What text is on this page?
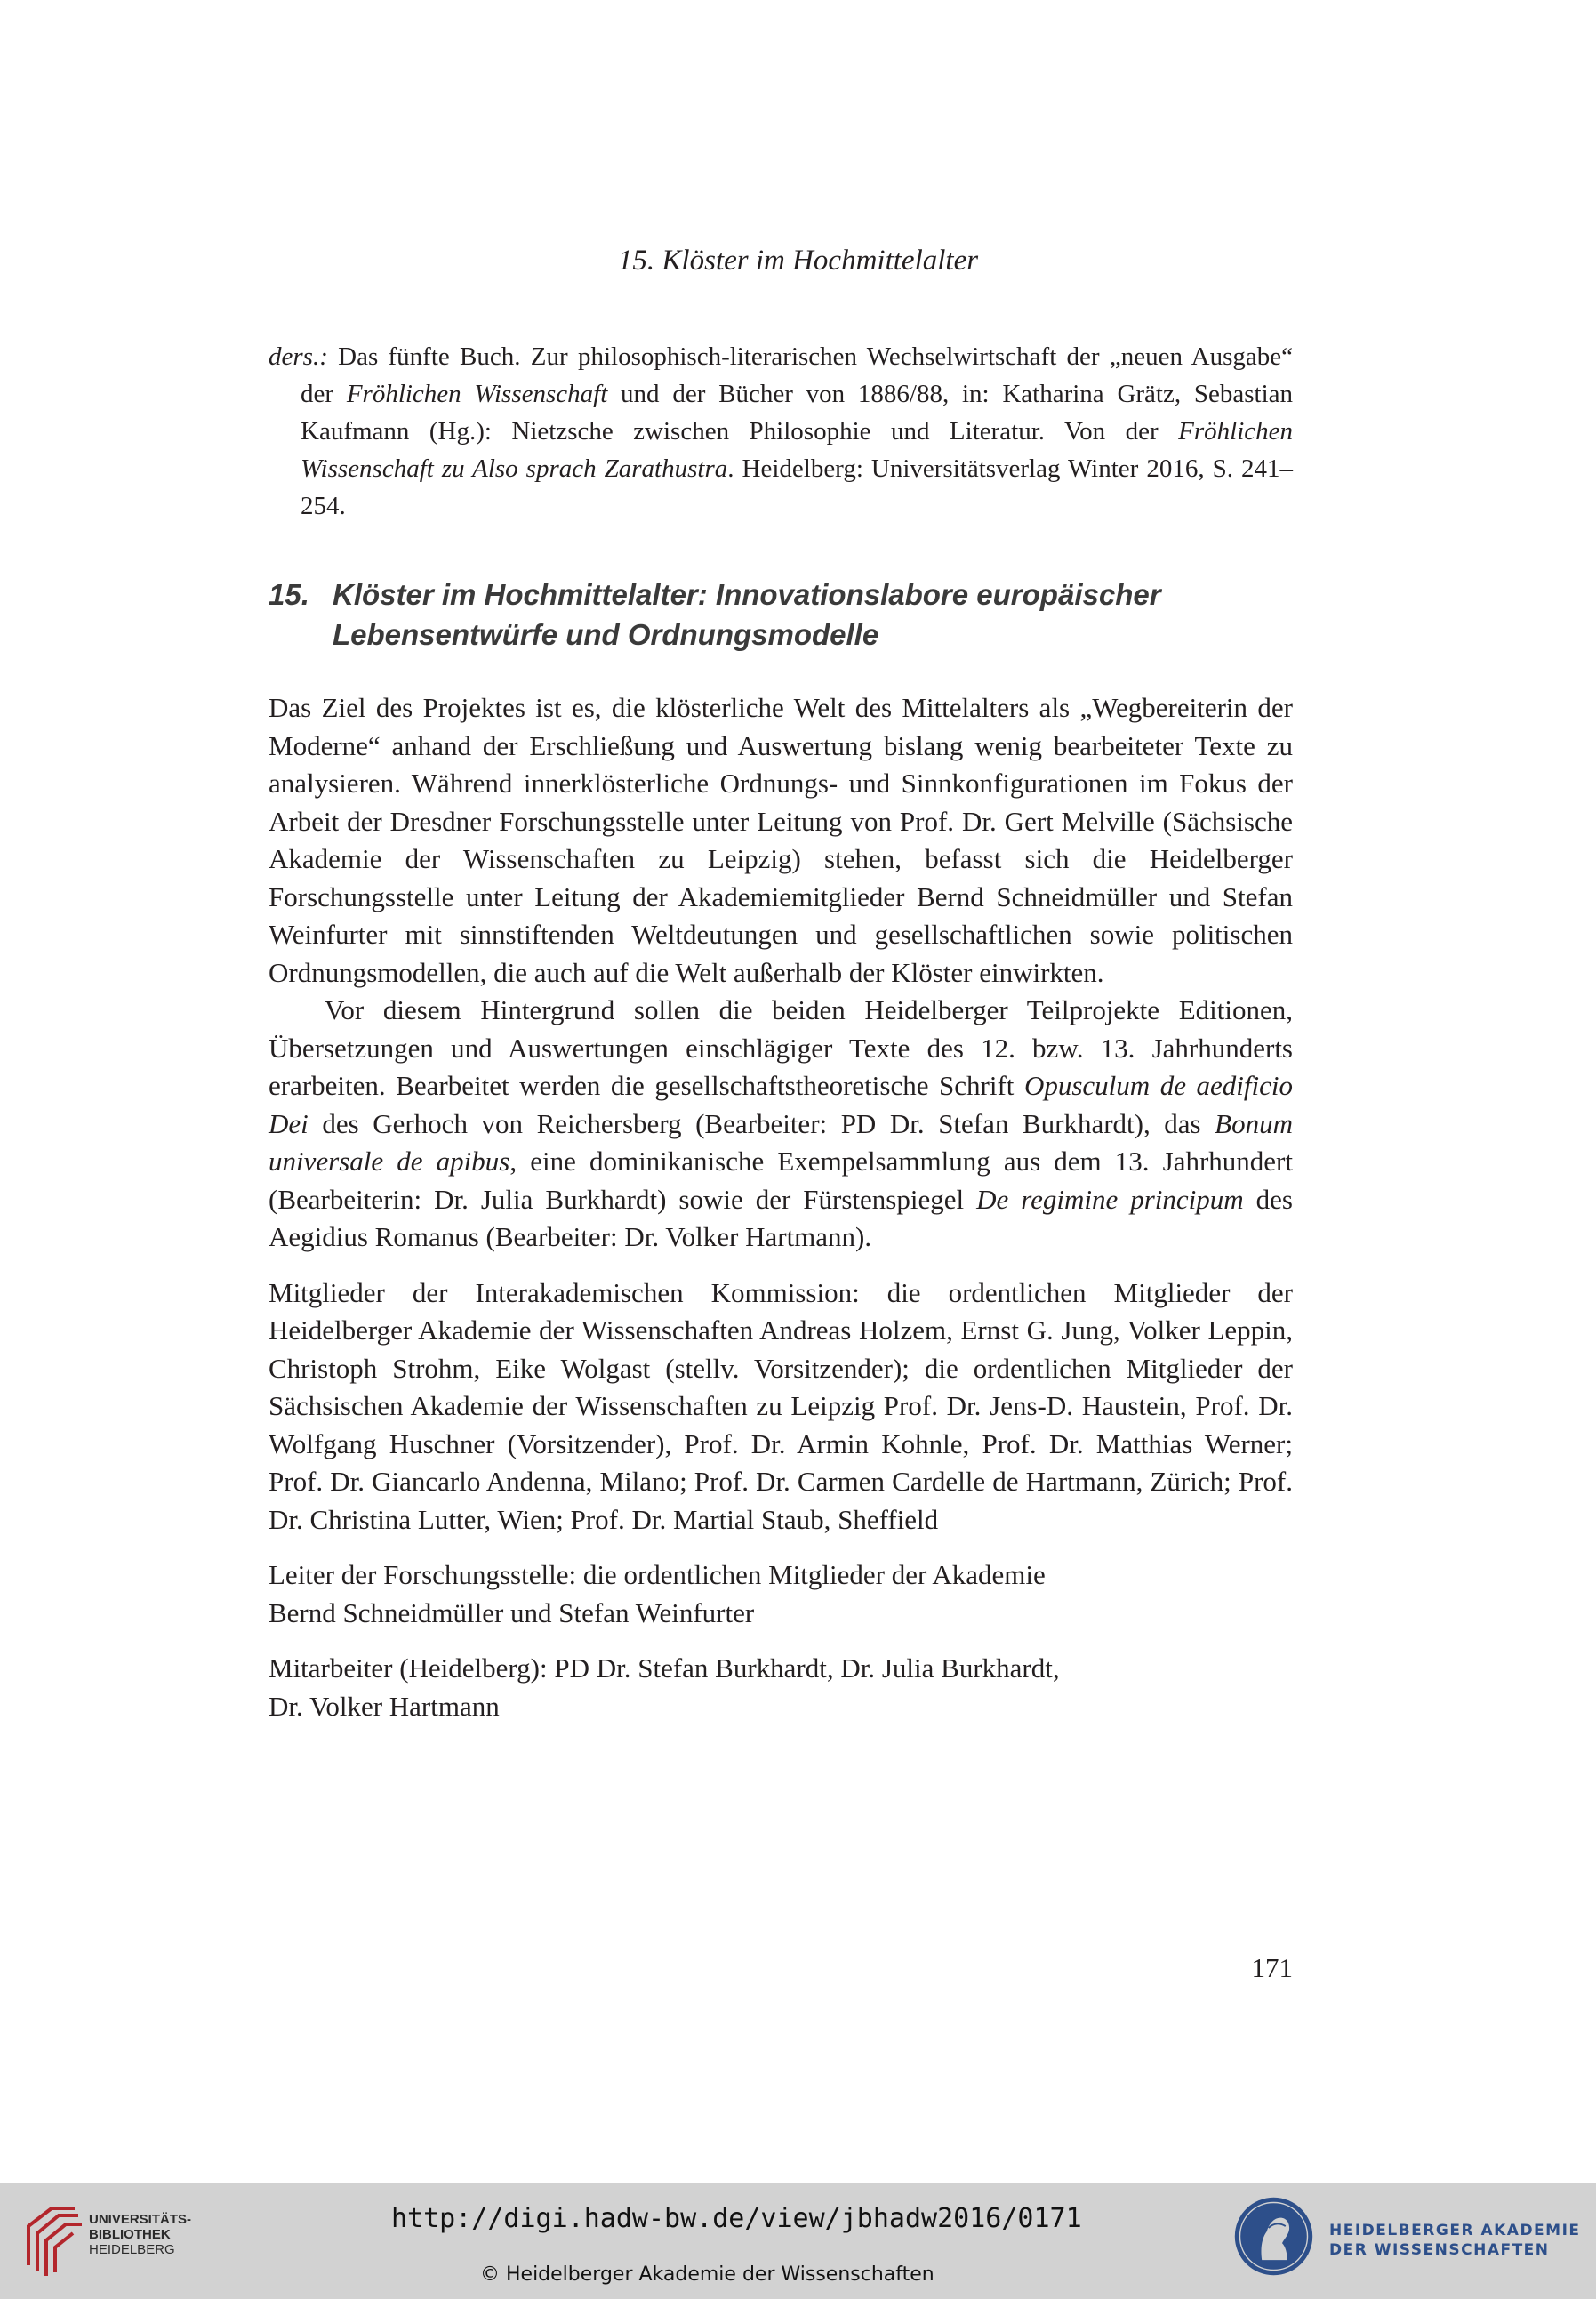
15. Klöster im Hochmittelalter
ders.: Das fünfte Buch. Zur philosophisch-literarischen Wechselwirtschaft der „neuen Ausgabe“ der Fröhlichen Wissenschaft und der Bücher von 1886/88, in: Katharina Grätz, Sebastian Kaufmann (Hg.): Nietzsche zwischen Philosophie und Literatur. Von der Fröhlichen Wissenschaft zu Also sprach Zarathustra. Heidelberg: Universitätsverlag Winter 2016, S. 241–254.
15. Klöster im Hochmittelalter: Innovationslabore europäischer
Lebensentwürfe und Ordnungsmodelle

Das Ziel des Projektes ist es, die klösterliche Welt des Mittelalters als „Wegbereiterin der Moderne“ anhand der Erschließung und Auswertung bislang wenig bearbeiteter Texte zu analysieren. Während innerklösterliche Ordnungs- und Sinnkonfigurationen im Fokus der Arbeit der Dresdner Forschungsstelle unter Leitung von Prof. Dr. Gert Melville (Sächsische Akademie der Wissenschaften zu Leipzig) stehen, befasst sich die Heidelberger Forschungsstelle unter Leitung der Akademiemitglieder Bernd Schneidmüller und Stefan Weinfurter mit sinnstiftenden Weltdeutungen und gesellschaftlichen sowie politischen Ordnungsmodellen, die auch auf die Welt außerhalb der Klöster einwirkten.

Vor diesem Hintergrund sollen die beiden Heidelberger Teilprojekte Editionen, Übersetzungen und Auswertungen einschlägiger Texte des 12. bzw. 13. Jahrhunderts erarbeiten. Bearbeitet werden die gesellschaftstheoretische Schrift Opusculum de aedificio Dei des Gerhoch von Reichersberg (Bearbeiter: PD Dr. Stefan Burkhardt), das Bonum universale de apibus, eine dominikanische Exempelsammlung aus dem 13. Jahrhundert (Bearbeiterin: Dr. Julia Burkhardt) sowie der Fürstenspiegel De regimine principum des Aegidius Romanus (Bearbeiter: Dr. Volker Hartmann).

Mitglieder der Interakademischen Kommission: die ordentlichen Mitglieder der Heidelberger Akademie der Wissenschaften Andreas Holzem, Ernst G. Jung, Volker Leppin, Christoph Strohm, Eike Wolgast (stellv. Vorsitzender); die ordentlichen Mitglieder der Sächsischen Akademie der Wissenschaften zu Leipzig Prof. Dr. Jens-D. Haustein, Prof. Dr. Wolfgang Huschner (Vorsitzender), Prof. Dr. Armin Kohnle, Prof. Dr. Matthias Werner; Prof. Dr. Giancarlo Andenna, Milano; Prof. Dr. Carmen Cardelle de Hartmann, Zürich; Prof. Dr. Christina Lutter, Wien; Prof. Dr. Martial Staub, Sheffield

Leiter der Forschungsstelle: die ordentlichen Mitglieder der Akademie
Bernd Schneidmüller und Stefan Weinfurter

Mitarbeiter (Heidelberg): PD Dr. Stefan Burkhardt, Dr. Julia Burkhardt,
Dr. Volker Hartmann

171
UNIVERSITÄTS-
BIBLIOTHEK
HEIDELBERG
http://digi.hadw-bw.de/view/jbhadw2016/0171
© Heidelberger Akademie der Wissenschaften
HEIDELBERGER AKADEMIE
DER WISSENSCHAFTEN
